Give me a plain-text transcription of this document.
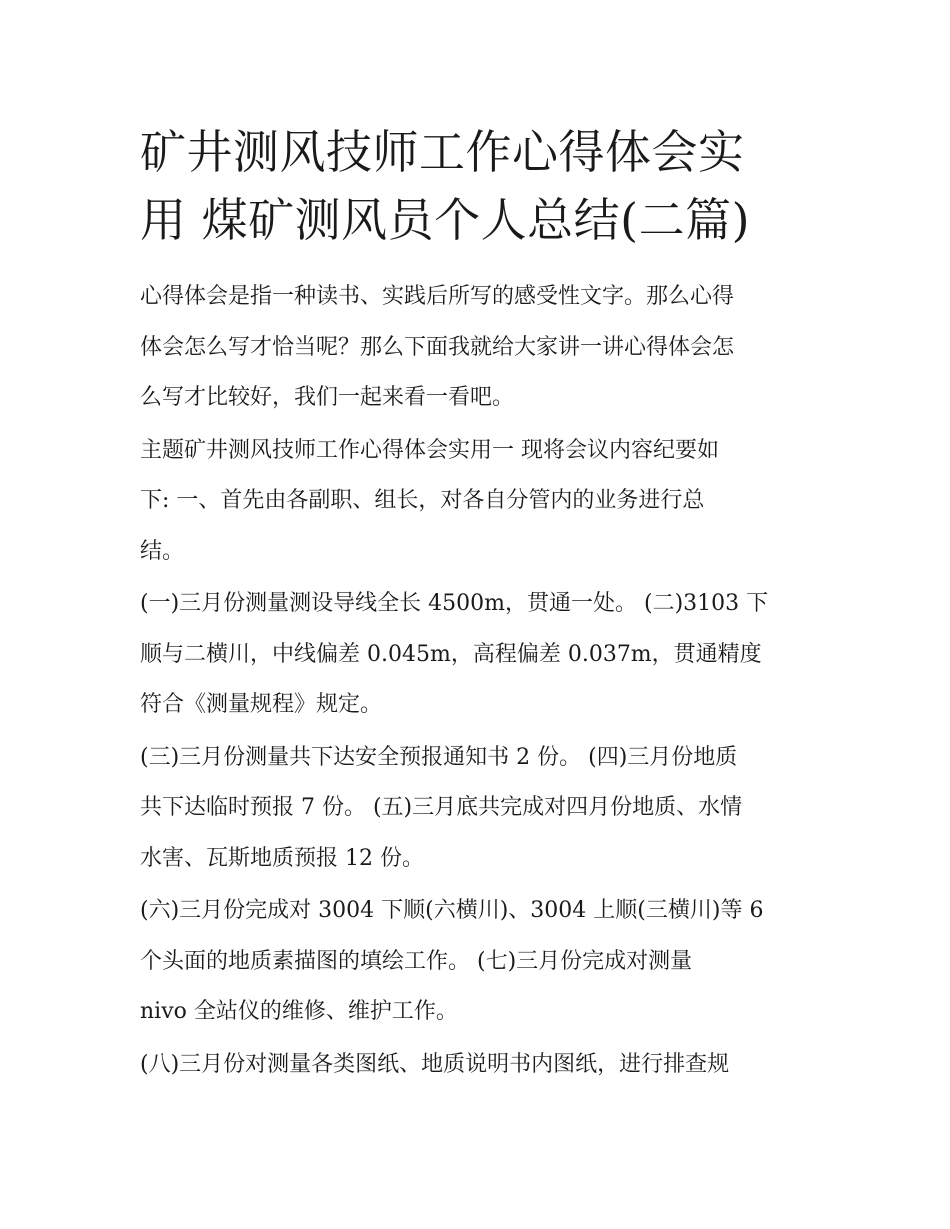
矿井测风技师工作心得体会实
用 煤矿测风员个人总结(二篇)

心得体会是指一种读书、实践后所写的感受性文字。那么心得
体会怎么写才恰当呢？那么下面我就给大家讲一讲心得体会怎
么写才比较好，我们一起来看一看吧。

主题矿井测风技师工作心得体会实用一 现将会议内容纪要如
下: 一、首先由各副职、组长，对各自分管内的业务进行总
结。

(一)三月份测量测设导线全长 4500m，贯通一处。 (二)3103 下
顺与二横川，中线偏差 0.045m，高程偏差 0.037m，贯通精度
符合《测量规程》规定。

(三)三月份测量共下达安全预报通知书 2 份。 (四)三月份地质
共下达临时预报 7 份。 (五)三月底共完成对四月份地质、水情
水害、瓦斯地质预报 12 份。

(六)三月份完成对 3004 下顺(六横川)、3004 上顺(三横川)等 6
个头面的地质素描图的填绘工作。 (七)三月份完成对测量
nivo 全站仪的维修、维护工作。

(八)三月份对测量各类图纸、地质说明书内图纸，进行排查规
